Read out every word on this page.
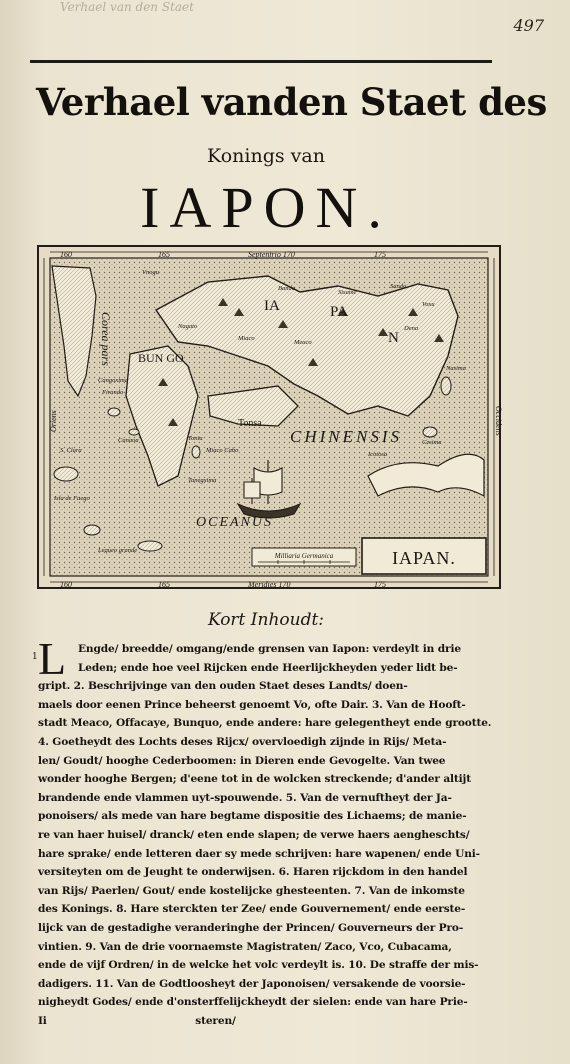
Verhael van den Staet
497
Verhael vanden Staet des
Konings van
IAPON.
IAPAN.
Milliaria Germanica
160	165	Septentrio 170	175
160	165	Meridies 170	175
Oriens	Occidens
CHINENSIS
OCEANUS
Corea pars BUN GO
IA	PA
N
Tonsa
Vnogu
Bando
Sisame
Sando
Meaco
Nagato
Miaco
Voxu
Dena
Cangoxima
Firando
Tonia
Canaoa
Nasima
Cesima
S. Clara
Isla de Fuego
Lequeo grande
Tanegxima
Miaco Cabo
Icotosa
Kort Inhoudt:
1 L	Engde/ breedde/ omgang/ende grensen van Iapon: verdeylt in drie
Leden; ende hoe veel Rijcken ende Heerlijckheyden yeder lidt be-
gript. 2. Beschrijvinge van den ouden Staet deses Landts/ doen-
maels door eenen Prince beheerst genoemt Vo, ofte Dair. 3. Van de Hooft-
stadt Meaco, Offacaye, Bunquo, ende andere: hare gelegentheyt ende grootte.
4. Goetheydt des Lochts deses Rijcx/ overvloedigh zijnde in Rijs/ Meta-
len/ Goudt/ hooghe Cederboomen: in Dieren ende Gevogelte. Van twee
wonder hooghe Bergen; d'eene tot in de wolcken streckende; d'ander altijt
brandende ende vlammen uyt-spouwende. 5. Van de vernuftheyt der Ja-
ponoisers/ als mede van hare begtame dispositie des Lichaems; de manie-
re van haer huisel/ dranck/ eten ende slapen; de verwe haers aengheschts/
hare sprake/ ende letteren daer sy mede schrijven: hare wapenen/ ende Uni-
versiteyten om de Jeught te onderwijsen. 6. Haren rijckdom in den handel
van Rijs/ Paerlen/ Gout/ ende kostelijcke ghesteenten. 7. Van de inkomste
des Konings. 8. Hare sterckten ter Zee/ ende Gouvernement/ ende eerste-
lijck van de gestadighe veranderinghe der Princen/ Gouverneurs der Pro-
vintien. 9. Van de drie voornaemste Magistraten/ Zaco, Vco, Cubacama,
ende de vijf Ordren/ in de welcke het volc verdeylt is. 10. De straffe der mis-
dadigers. 11. Van de Godtloosheyt der Japonoisen/ versakende de voorsie-
nigheydt Godes/ ende d'onsterffelijckheydt der sielen: ende van hare Prie-
Ii                                          steren/
